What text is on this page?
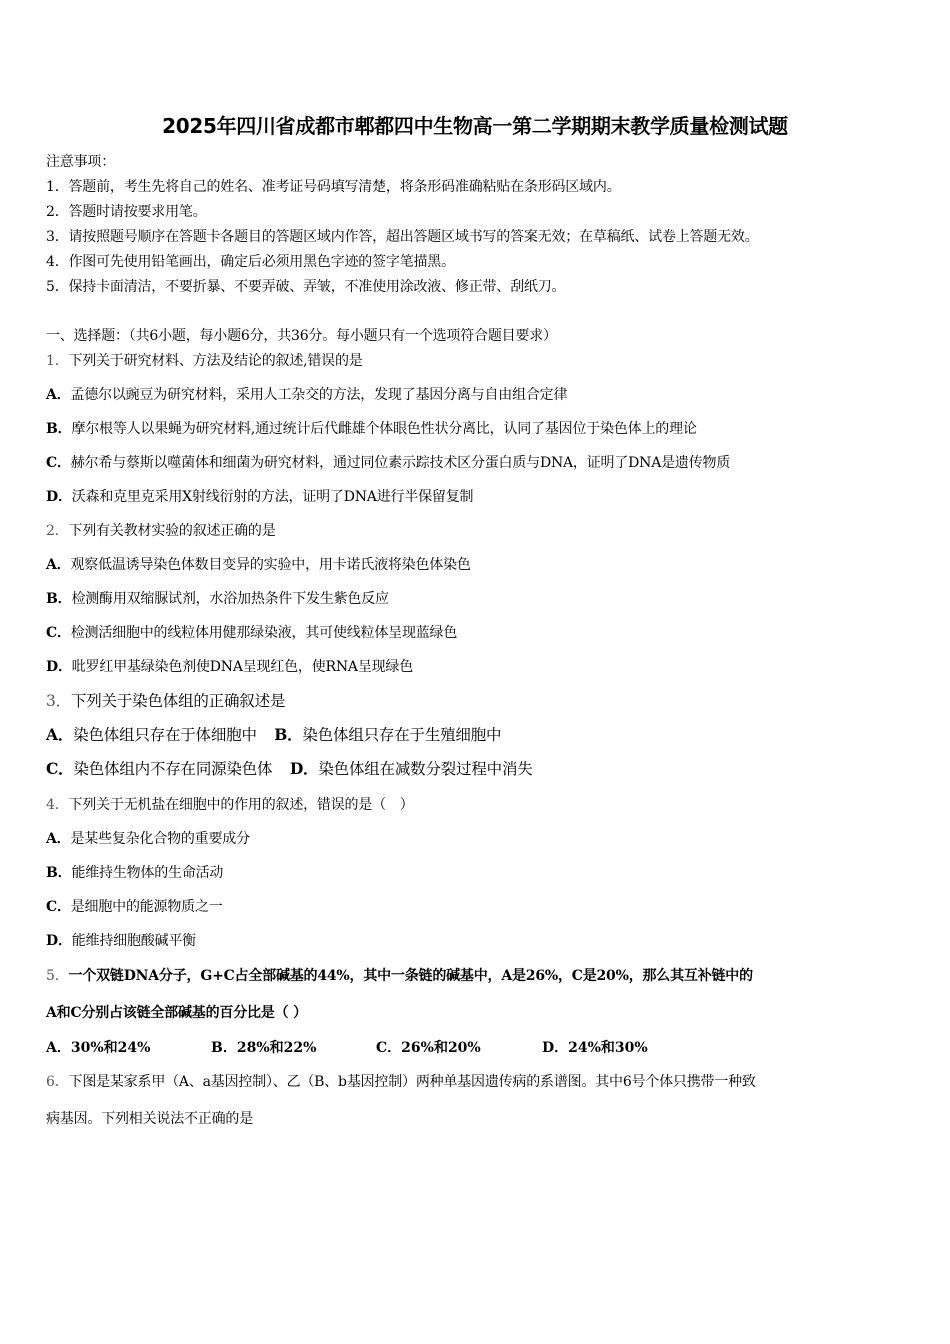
2025年四川省成都市郫都四中生物高一第二学期期末教学质量检测试题
注意事项：
1．答题前，考生先将自己的姓名、准考证号码填写清楚，将条形码准确粘贴在条形码区域内。
2．答题时请按要求用笔。
3．请按照题号顺序在答题卡各题目的答题区域内作答，超出答题区域书写的答案无效；在草稿纸、试卷上答题无效。
4．作图可先使用铅笔画出，确定后必须用黑色字迹的签字笔描黑。
5．保持卡面清洁，不要折暴、不要弄破、弄皱，不准使用涂改液、修正带、刮纸刀。
一、选择题：（共6小题，每小题6分，共36分。每小题只有一个选项符合题目要求）
1．下列关于研究材料、方法及结论的叙述,错误的是
A．孟德尔以豌豆为研究材料，采用人工杂交的方法，发现了基因分离与自由组合定律
B．摩尔根等人以果蝇为研究材料,通过统计后代雌雄个体眼色性状分离比，认同了基因位于染色体上的理论
C．赫尔希与蔡斯以噬菌体和细菌为研究材料，通过同位素示踪技术区分蛋白质与DNA，证明了DNA是遗传物质
D．沃森和克里克采用X射线衍射的方法，证明了DNA进行半保留复制
2．下列有关教材实验的叙述正确的是
A．观察低温诱导染色体数目变异的实验中，用卡诺氏液将染色体染色
B．检测酶用双缩脲试剂，水浴加热条件下发生紫色反应
C．检测活细胞中的线粒体用健那绿染液，其可使线粒体呈现蓝绿色
D．吡罗红甲基绿染色剂使DNA呈现红色，使RNA呈现绿色
3．下列关于染色体组的正确叙述是
A．染色体组只存在于体细胞中 B．染色体组只存在于生殖细胞中
C．染色体组内不存在同源染色体 D．染色体组在减数分裂过程中消失
4．下列关于无机盐在细胞中的作用的叙述，错误的是（　）
A．是某些复杂化合物的重要成分
B．能维持生物体的生命活动
C．是细胞中的能源物质之一
D．能维持细胞酸碱平衡
5．一个双链DNA分子，G+C占全部碱基的44%，其中一条链的碱基中，A是26%，C是20%，那么其互补链中的
A和C分别占该链全部碱基的百分比是（ ）
A．30%和24%	B．28%和22%	C．26%和20%	D．24%和30%
6．下图是某家系甲（A、a基因控制）、乙（B、b基因控制）两种单基因遗传病的系谱图。其中6号个体只携带一种致
病基因。下列相关说法不正确的是
